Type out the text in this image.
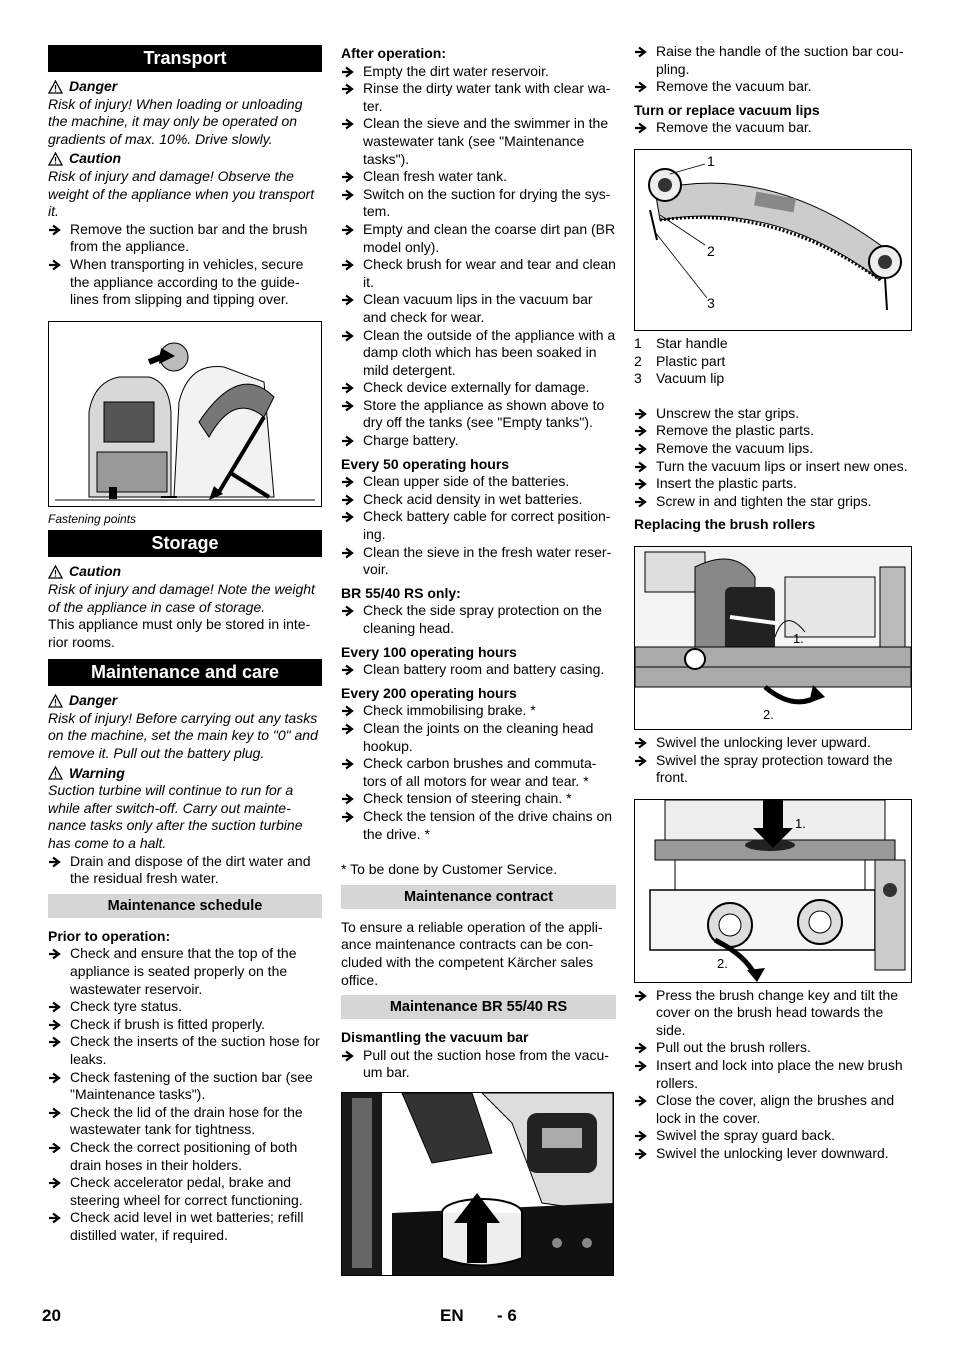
Transport
Danger
Risk of injury! When loading or unloading the machine, it may only be operated on gradients of max. 10%. Drive slowly.
Caution
Risk of injury and damage! Observe the weight of the appliance when you transport it.
Remove the suction bar and the brush from the appliance.
When transporting in vehicles, secure the appliance according to the guide-lines from slipping and tipping over.
Fastening points
Storage
Caution
Risk of injury and damage! Note the weight of the appliance in case of storage.
This appliance must only be stored in inte-rior rooms.
Maintenance and care
Danger
Risk of injury! Before carrying out any tasks on the machine, set the main key to "0" and remove it. Pull out the battery plug.
Warning
Suction turbine will continue to run for a while after switch-off. Carry out mainte-nance tasks only after the suction turbine has come to a halt.
Drain and dispose of the dirt water and the residual fresh water.
Maintenance schedule
Prior to operation:
Check and ensure that the top of the appliance is seated properly on the wastewater reservoir.
Check tyre status.
Check if brush is fitted properly.
Check the inserts of the suction hose for leaks.
Check fastening of the suction bar (see "Maintenance tasks").
Check the lid of the drain hose for the wastewater tank for tightness.
Check the correct positioning of both drain hoses in their holders.
Check accelerator pedal, brake and steering wheel for correct functioning.
Check acid level in wet batteries; refill distilled water, if required.
After operation:
Empty the dirt water reservoir.
Rinse the dirty water tank with clear wa-ter.
Clean the sieve and the swimmer in the wastewater tank (see "Maintenance tasks").
Clean fresh water tank.
Switch on the suction for drying the sys-tem.
Empty and clean the coarse dirt pan (BR model only).
Check brush for wear and tear and clean it.
Clean vacuum lips in the vacuum bar and check for wear.
Clean the outside of the appliance with a damp cloth which has been soaked in mild detergent.
Check device externally for damage.
Store the appliance as shown above to dry off the tanks (see "Empty tanks").
Charge battery.
Every 50 operating hours
Clean upper side of the batteries.
Check acid density in wet batteries.
Check battery cable for correct position-ing.
Clean the sieve in the fresh water reser-voir.
BR 55/40 RS only:
Check the side spray protection on the cleaning head.
Every 100 operating hours
Clean battery room and battery casing.
Every 200 operating hours
Check immobilising brake. *
Clean the joints on the cleaning head hookup.
Check carbon brushes and commuta-tors of all motors for wear and tear. *
Check tension of steering chain. *
Check the tension of the drive chains on the drive. *
* To be done by Customer Service.
Maintenance contract
To ensure a reliable operation of the appli-ance maintenance contracts can be con-cluded with the competent Kärcher sales office.
Maintenance BR 55/40 RS
Dismantling the vacuum bar
Pull out the suction hose from the vacu-um bar.
Raise the handle of the suction bar cou-pling.
Remove the vacuum bar.
Turn or replace vacuum lips
Remove the vacuum bar.
1
2
3
1	Star handle
2	Plastic part
3	Vacuum lip
Unscrew the star grips.
Remove the plastic parts.
Remove the vacuum lips.
Turn the vacuum lips or insert new ones.
Insert the plastic parts.
Screw in and tighten the star grips.
Replacing the brush rollers
1.
2.
Swivel the unlocking lever upward.
Swivel the spray protection toward the front.
1.
2.
Press the brush change key and tilt the cover on the brush head towards the side.
Pull out the brush rollers.
Insert and lock into place the new brush rollers.
Close the cover, align the brushes and lock in the cover.
Swivel the spray guard back.
Swivel the unlocking lever downward.
20	EN - 6
